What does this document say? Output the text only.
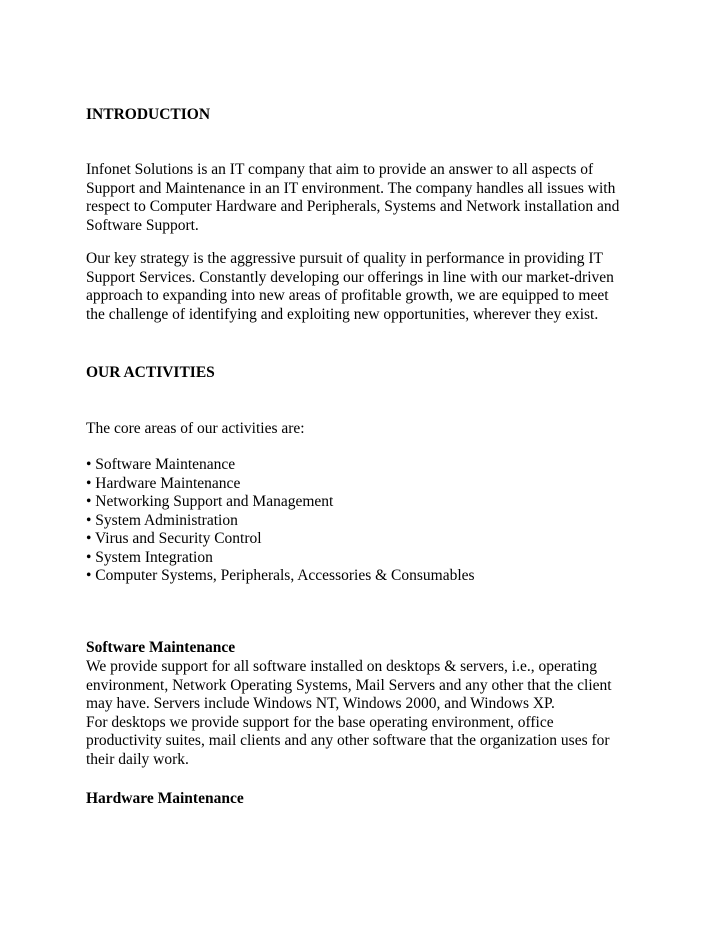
INTRODUCTION
Infonet Solutions is an IT company that aim to provide an answer to all aspects of
Support and Maintenance in an IT environment. The company handles all issues with
respect to Computer Hardware and Peripherals, Systems and Network installation and
Software Support.
Our key strategy is the aggressive pursuit of quality in performance in providing IT
Support Services. Constantly developing our offerings in line with our market-driven
approach to expanding into new areas of profitable growth, we are equipped to meet
the challenge of identifying and exploiting new opportunities, wherever they exist.
OUR ACTIVITIES
The core areas of our activities are:
• Software Maintenance
• Hardware Maintenance
• Networking Support and Management
• System Administration
• Virus and Security Control
• System Integration
• Computer Systems, Peripherals, Accessories & Consumables
Software Maintenance
We provide support for all software installed on desktops & servers, i.e., operating
environment, Network Operating Systems, Mail Servers and any other that the client
may have. Servers include Windows NT, Windows 2000, and Windows XP.
For desktops we provide support for the base operating environment, office
productivity suites, mail clients and any other software that the organization uses for
their daily work.
Hardware Maintenance
